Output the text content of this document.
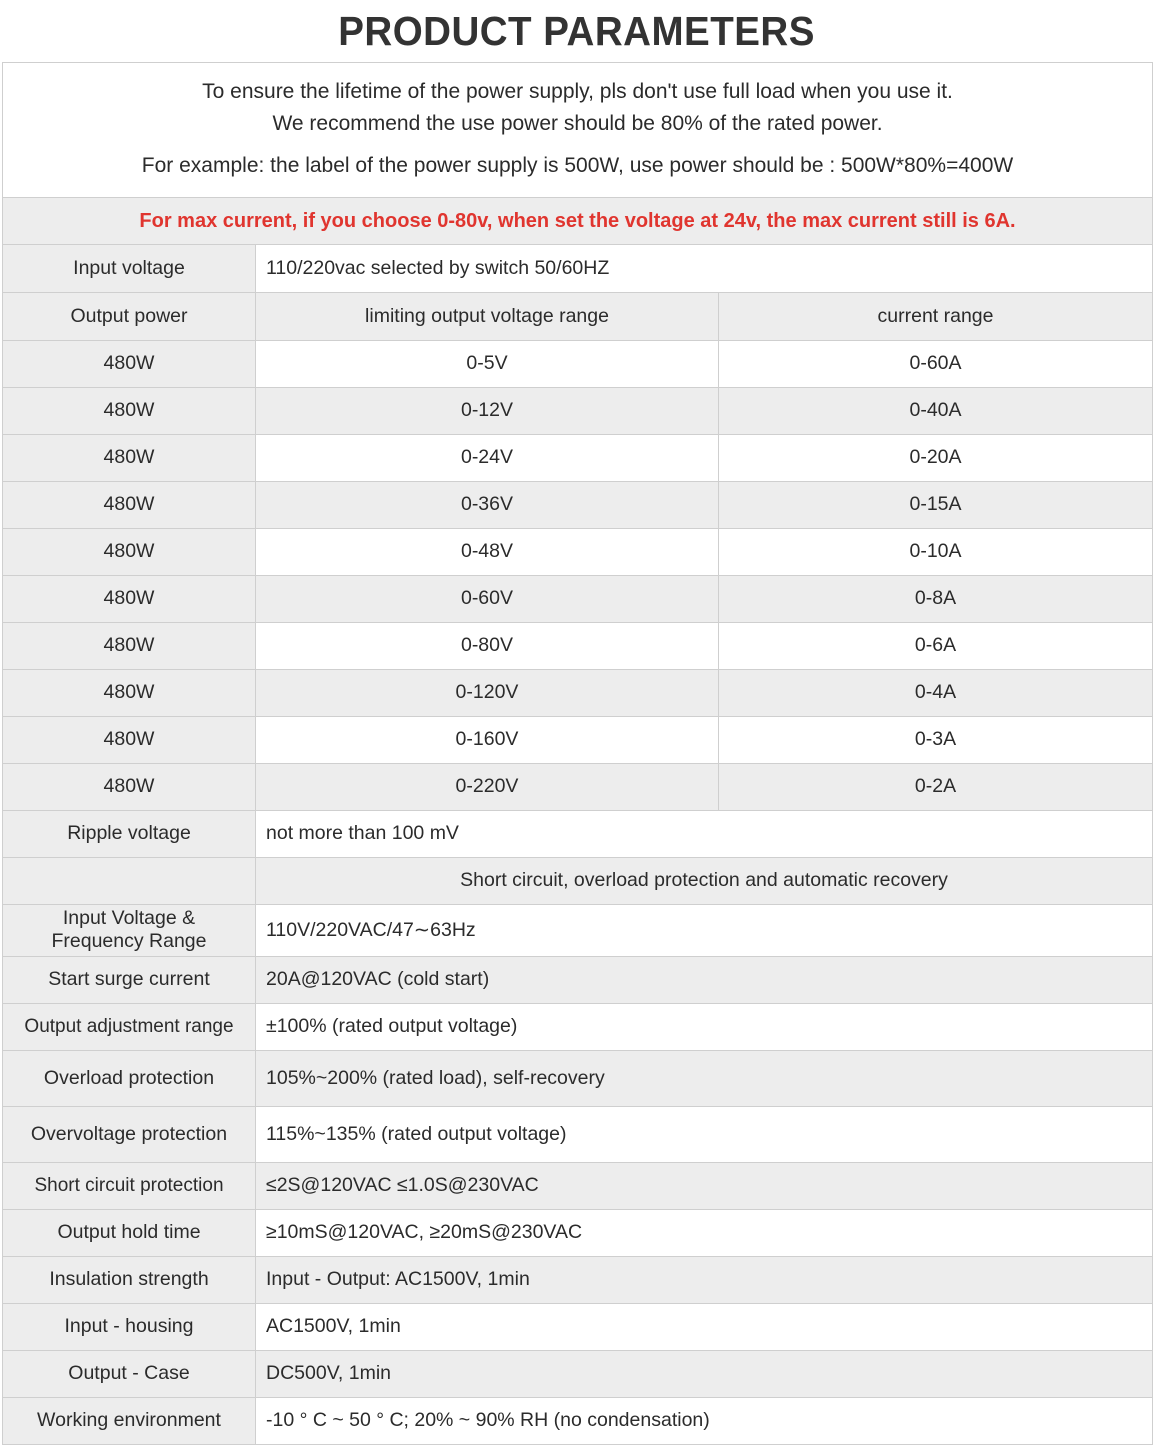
PRODUCT PARAMETERS
To ensure the lifetime of the power supply, pls don't use full load when you use it.
We recommend the use power should be 80% of the rated power.
For example: the label of the power supply is 500W, use power should be : 500W*80%=400W		

For max current, if you choose 0-80v, when set the voltage at 24v, the max current still is 6A.		
Input voltage	110/220vac selected by switch 50/60HZ	
Output power	limiting output voltage range	current range
480W	0-5V	0-60A
480W	0-12V	0-40A
480W	0-24V	0-20A
480W	0-36V	0-15A
480W	0-48V	0-10A
480W	0-60V	0-8A
480W	0-80V	0-6A
480W	0-120V	0-4A
480W	0-160V	0-3A
480W	0-220V	0-2A
Ripple voltage	not more than 100 mV	
	Short circuit, overload protection and automatic recovery	

Input Voltage &
Frequency Range	110V/220VAC/47∼63Hz	
Start surge current	20A@120VAC (cold start)	
Output adjustment range	±100% (rated output voltage)	
Overload protection	105%~200% (rated load), self-recovery	
Overvoltage protection	115%~135% (rated output voltage)	
Short circuit protection	≤2S@120VAC ≤1.0S@230VAC	
Output hold time	≥10mS@120VAC, ≥20mS@230VAC	
Insulation strength	Input - Output: AC1500V, 1min	
Input - housing	AC1500V, 1min	
Output - Case	DC500V, 1min	
Working environment	-10 ° C ~ 50 ° C; 20% ~ 90% RH (no condensation)	
